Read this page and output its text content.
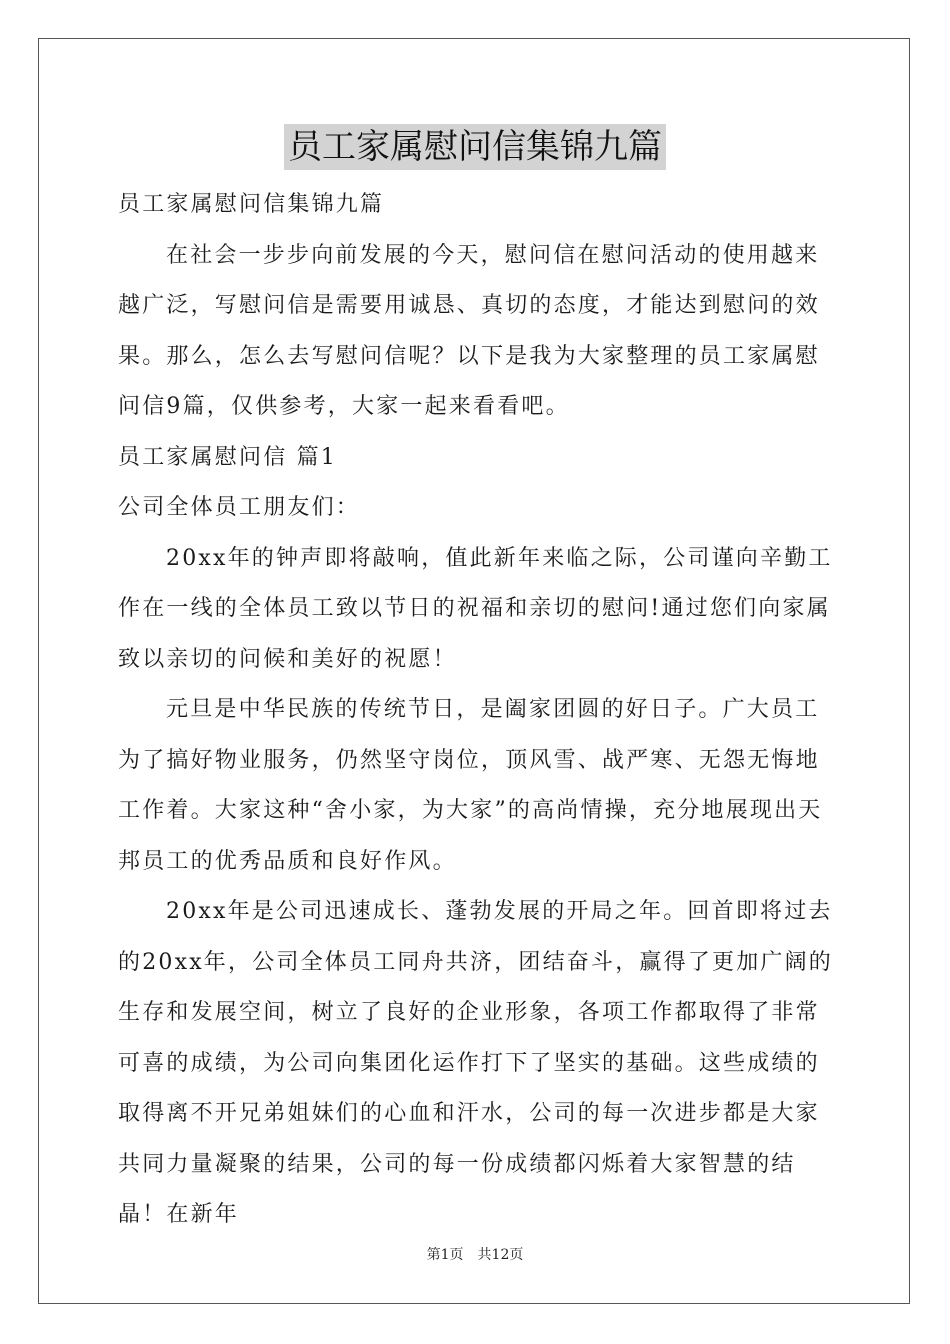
员工家属慰问信集锦九篇

员工家属慰问信集锦九篇

在社会一步步向前发展的今天，慰问信在慰问活动的使用越来越广泛，写慰问信是需要用诚恳、真切的态度，才能达到慰问的效果。那么，怎么去写慰问信呢？以下是我为大家整理的员工家属慰问信9篇，仅供参考，大家一起来看看吧。

员工家属慰问信 篇1

公司全体员工朋友们：

20xx年的钟声即将敲响，值此新年来临之际，公司谨向辛勤工作在一线的全体员工致以节日的祝福和亲切的慰问!通过您们向家属致以亲切的问候和美好的祝愿！

元旦是中华民族的传统节日，是阖家团圆的好日子。广大员工为了搞好物业服务，仍然坚守岗位，顶风雪、战严寒、无怨无悔地工作着。大家这种“舍小家，为大家”的高尚情操，充分地展现出天邦员工的优秀品质和良好作风。

20xx年是公司迅速成长、蓬勃发展的开局之年。回首即将过去的20xx年，公司全体员工同舟共济，团结奋斗，赢得了更加广阔的生存和发展空间，树立了良好的企业形象，各项工作都取得了非常可喜的成绩，为公司向集团化运作打下了坚实的基础。这些成绩的取得离不开兄弟姐妹们的心血和汗水，公司的每一次进步都是大家共同力量凝聚的结果，公司的每一份成绩都闪烁着大家智慧的结晶！在新年

第1页　共12页
